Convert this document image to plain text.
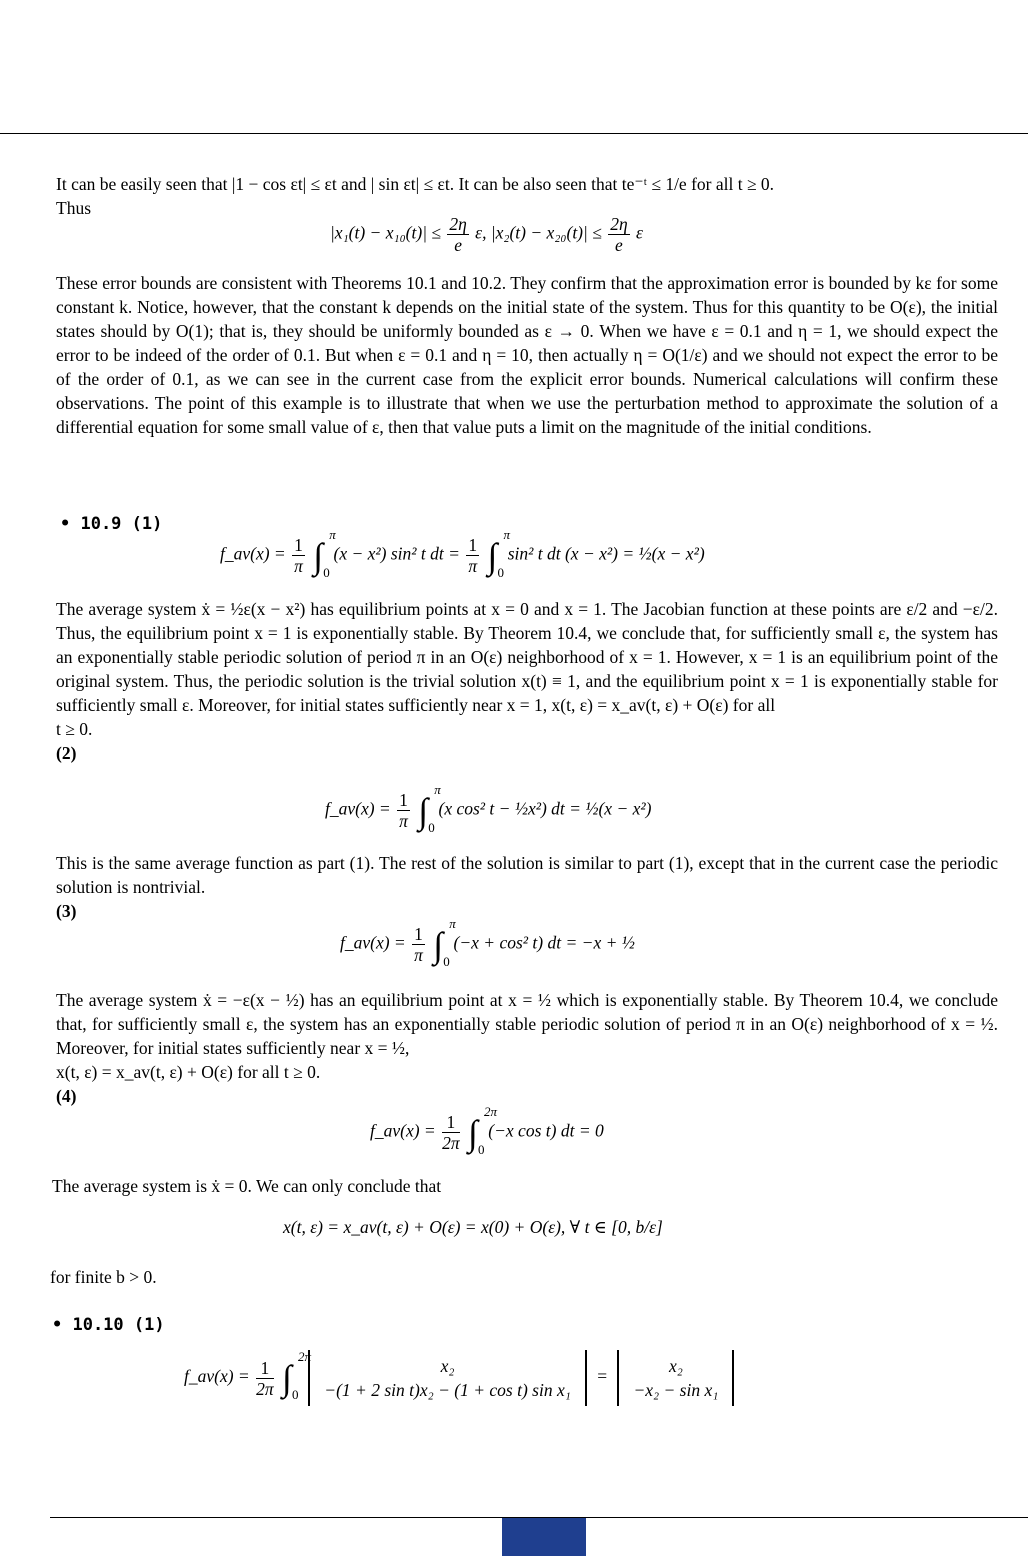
It can be easily seen that |1 − cos εt| ≤ εt and | sin εt| ≤ εt. It can be also seen that te⁻ᵗ ≤ 1/e for all t ≥ 0.

Thus

$|x_1(t) - x_{10}(t)| \le \frac{2\eta}{e} \varepsilon$, $|x_2(t) - x_{20}(t)| \le \frac{2\eta}{e}$ ε

These error bounds are consistent with Theorems 10.1 and 10.2. They confirm that the approximation error is bounded by kε for some constant k. Notice, however, that the constant k depends on the initial state of the system. Thus for this quantity to be O(ε), the initial states should by O(1); that is, they should be uniformly bounded as ε → 0. When we have ε = 0.1 and η = 1, we should expect the error to be indeed of the order of 0.1. But when ε = 0.1 and η = 10, then actually η = O(1/ε) and we should not expect the error to be of the order of 0.1, as we can see in the current case from the explicit error bounds. Numerical calculations will confirm these observations. The point of this example is to illustrate that when we use the perturbation method to approximate the solution of a differential equation for some small value of ε, then that value puts a limit on the magnitude of the initial conditions.

• 10.9 (1)
f_av(x) = $\frac{1}{\pi}$ ∫
π
0
(x − x²) sin² t dt = $\frac{1}{\pi}$ ∫
π
0
sin² t dt (x − x²) = ½(x − x²)

The average system ẋ = ½ε(x − x²) has equilibrium points at x = 0 and x = 1. The Jacobian function at these points are ε/2 and −ε/2. Thus, the equilibrium point x = 1 is exponentially stable. By Theorem 10.4, we conclude that, for sufficiently small ε, the system has an exponentially stable periodic solution of period π in an O(ε) neighborhood of x = 1. However, x = 1 is an equilibrium point of the original system. Thus, the periodic solution is the trivial solution x(t) ≡ 1, and the equilibrium point x = 1 is exponentially stable for sufficiently small ε. Moreover, for initial states sufficiently near x = 1, x(t, ε) = x_av(t, ε) + O(ε) for all

t ≥ 0.

(2)

f_av(x) = $\frac{1}{\pi}$ ∫
π
0
(x cos² t − ½x²) dt = ½(x − x²)

This is the same average function as part (1). The rest of the solution is similar to part (1), except that in the current case the periodic solution is nontrivial.

(3)

f_av(x) = $\frac{1}{\pi}$ ∫
π
0
(−x + cos² t) dt = −x + ½

The average system ẋ = −ε(x − ½) has an equilibrium point at x = ½ which is exponentially stable. By Theorem 10.4, we conclude that, for sufficiently small ε, the system has an exponentially stable periodic solution of period π in an O(ε) neighborhood of x = ½. Moreover, for initial states sufficiently near x = ½,

x(t, ε) = x_av(t, ε) + O(ε) for all t ≥ 0.

(4)

f_av(x) = $\frac{1}{2\pi}$ ∫
2π
0
(−x cos t) dt = 0

The average system is ẋ = 0. We can only conclude that

x(t, ε) = x_av(t, ε) + O(ε) = x(0) + O(ε), ∀ t ∈ [0, b/ε]

for finite b > 0.

• 10.10 (1)
f_av(x) = $\frac{1}{2\pi}$ ∫
2π
0

x₂
−(1 + 2 sin t)x₂ − (1 + cos t) sin x₁
=
x₂
−x₂ − sin x₁
